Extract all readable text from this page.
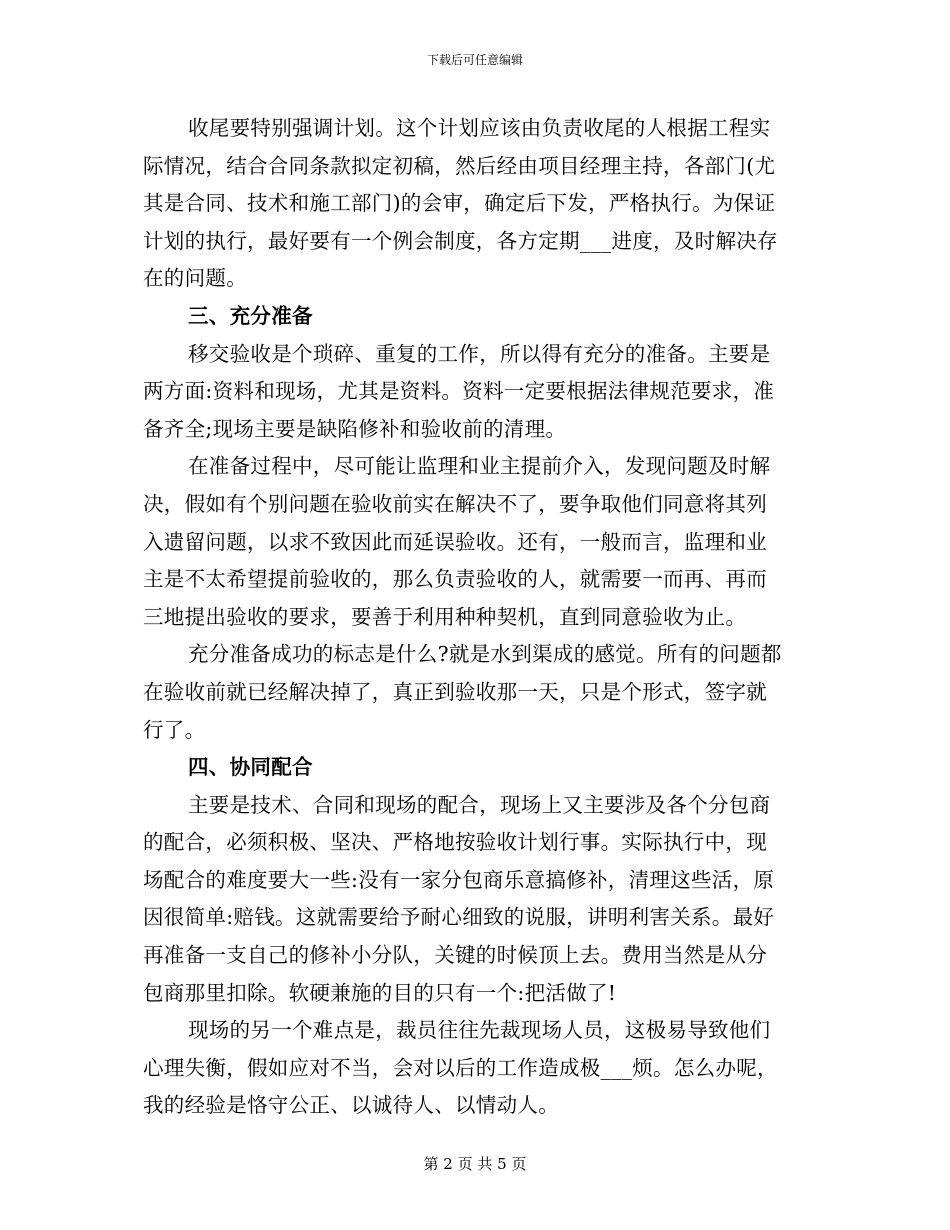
下载后可任意编辑
收尾要特别强调计划。这个计划应该由负责收尾的人根据工程实
际情况，结合合同条款拟定初稿，然后经由项目经理主持，各部门(尤
其是合同、技术和施工部门)的会审，确定后下发，严格执行。为保证
计划的执行，最好要有一个例会制度，各方定期___进度，及时解决存
在的问题。
三、充分准备
移交验收是个琐碎、重复的工作，所以得有充分的准备。主要是
两方面:资料和现场，尤其是资料。资料一定要根据法律规范要求，准
备齐全;现场主要是缺陷修补和验收前的清理。
在准备过程中，尽可能让监理和业主提前介入，发现问题及时解
决，假如有个别问题在验收前实在解决不了，要争取他们同意将其列
入遗留问题，以求不致因此而延误验收。还有，一般而言，监理和业
主是不太希望提前验收的，那么负责验收的人，就需要一而再、再而
三地提出验收的要求，要善于利用种种契机，直到同意验收为止。
充分准备成功的标志是什么?就是水到渠成的感觉。所有的问题都
在验收前就已经解决掉了，真正到验收那一天，只是个形式，签字就
行了。
四、协同配合
主要是技术、合同和现场的配合，现场上又主要涉及各个分包商
的配合，必须积极、坚决、严格地按验收计划行事。实际执行中，现
场配合的难度要大一些:没有一家分包商乐意搞修补，清理这些活，原
因很简单:赔钱。这就需要给予耐心细致的说服，讲明利害关系。最好
再准备一支自己的修补小分队，关键的时候顶上去。费用当然是从分
包商那里扣除。软硬兼施的目的只有一个:把活做了!
现场的另一个难点是，裁员往往先裁现场人员，这极易导致他们
心理失衡，假如应对不当，会对以后的工作造成极___烦。怎么办呢，
我的经验是恪守公正、以诚待人、以情动人。
第 2 页 共 5 页
